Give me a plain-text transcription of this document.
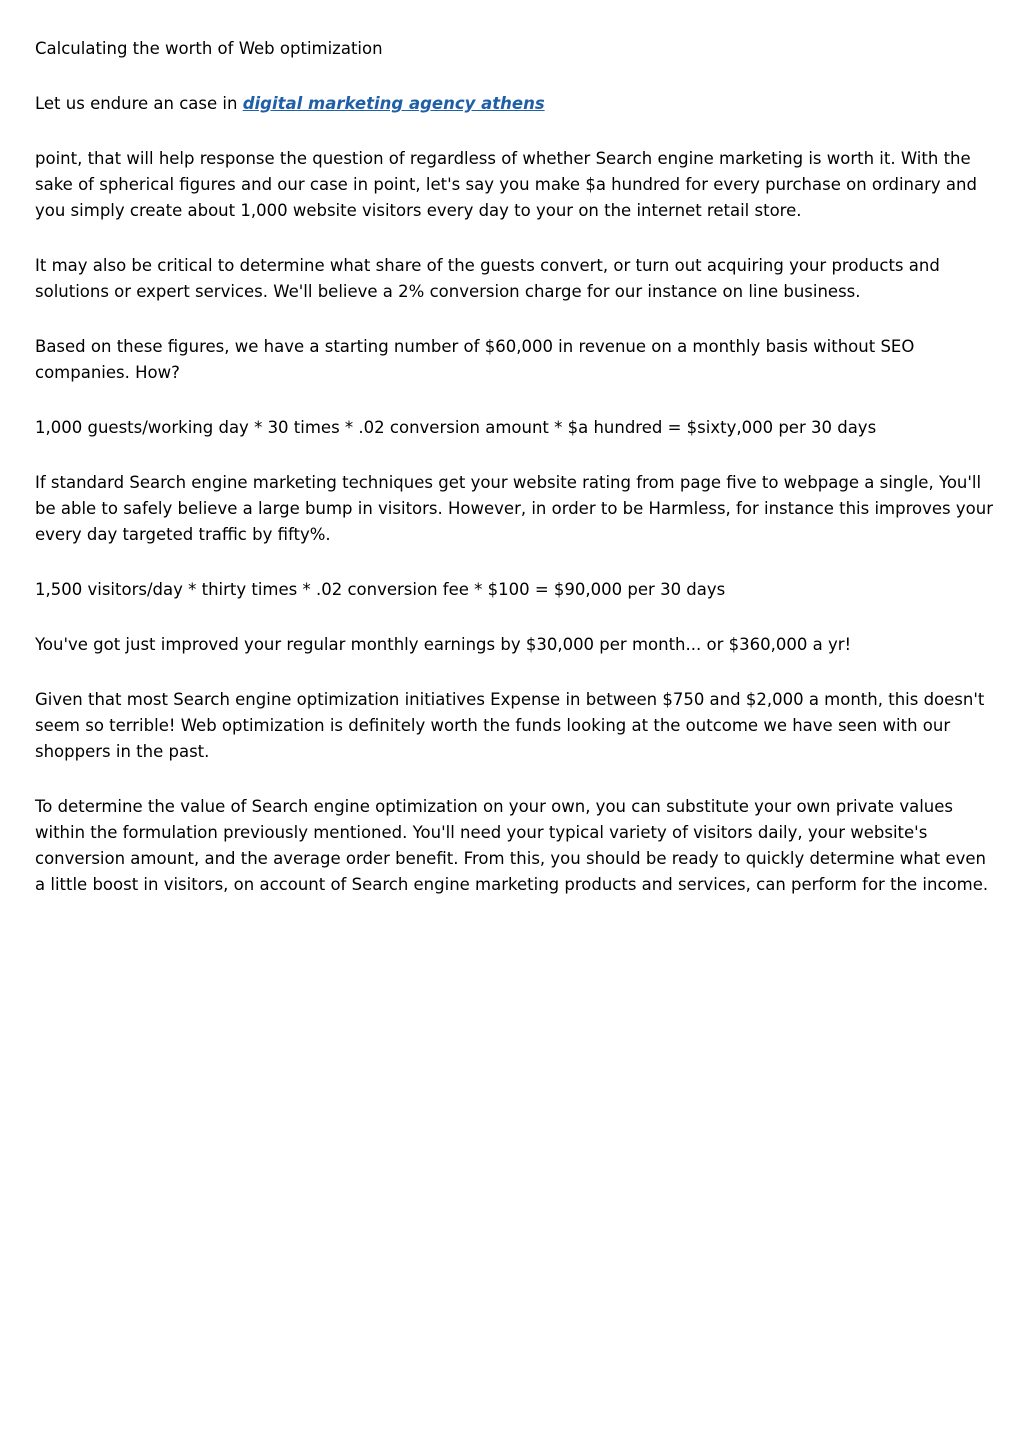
Calculating the worth of Web optimization

Let us endure an case in digital marketing agency athens

point, that will help response the question of regardless of whether Search engine marketing is worth it. With the sake of spherical figures and our case in point, let's say you make $a hundred for every purchase on ordinary and you simply create about 1,000 website visitors every day to your on the internet retail store.

It may also be critical to determine what share of the guests convert, or turn out acquiring your products and solutions or expert services. We'll believe a 2% conversion charge for our instance on line business.

Based on these figures, we have a starting number of $60,000 in revenue on a monthly basis without SEO companies. How?

1,000 guests/working day * 30 times * .02 conversion amount * $a hundred = $sixty,000 per 30 days

If standard Search engine marketing techniques get your website rating from page five to webpage a single, You'll be able to safely believe a large bump in visitors. However, in order to be Harmless, for instance this improves your every day targeted traffic by fifty%.

1,500 visitors/day * thirty times * .02 conversion fee * $100 = $90,000 per 30 days

You've got just improved your regular monthly earnings by $30,000 per month... or $360,000 a yr!

Given that most Search engine optimization initiatives Expense in between $750 and $2,000 a month, this doesn't seem so terrible! Web optimization is definitely worth the funds looking at the outcome we have seen with our shoppers in the past.

To determine the value of Search engine optimization on your own, you can substitute your own private values within the formulation previously mentioned. You'll need your typical variety of visitors daily, your website's conversion amount, and the average order benefit. From this, you should be ready to quickly determine what even a little boost in visitors, on account of Search engine marketing products and services, can perform for the income.
